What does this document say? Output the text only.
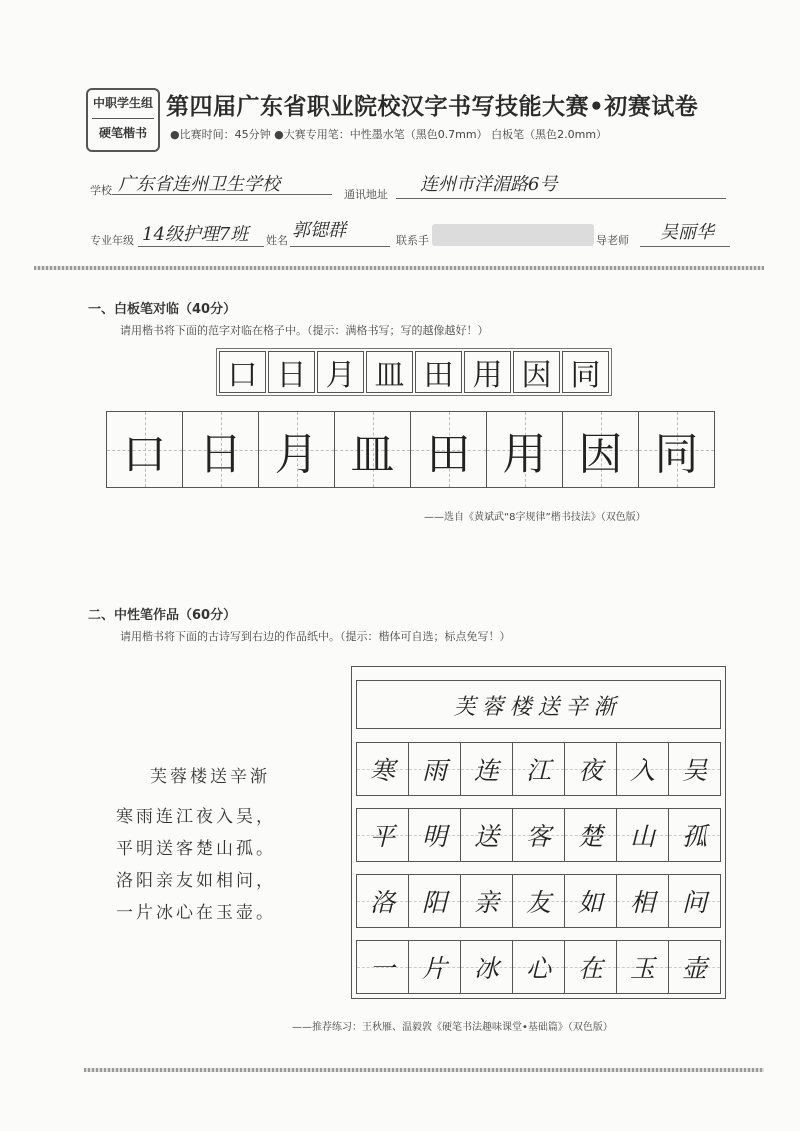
中职学生组
硬笔楷书
第四届广东省职业院校汉字书写技能大赛•初赛试卷
●比赛时间：45分钟 ●大赛专用笔：中性墨水笔（黑色0.7mm） 白板笔（黑色2.0mm）
学校 广东省连州卫生学校	通讯地址 连州市洋湄路6号
专业年级 14级护理7班 姓名 郭锶群	联系手	导老师 吴丽华
一、白板笔对临（40分）
请用楷书将下面的范字对临在格子中。（提示：满格书写；写的越像越好！）
口 日 月 皿 田 用 因 同
口 日 月 皿 田 用 因 同
——选自《黄斌武“8字规律”楷书技法》（双色版）
二、中性笔作品（60分）
请用楷书将下面的古诗写到右边的作品纸中。（提示：楷体可自选；标点免写！）
芙蓉楼送辛渐
寒雨连江夜入吴，
平明送客楚山孤。
洛阳亲友如相问，
一片冰心在玉壶。
芙蓉楼送辛渐
寒 雨 连 江 夜 入 吴
平 明 送 客 楚 山 孤
洛 阳 亲 友 如 相 问
一 片 冰 心 在 玉 壶
——推荐练习：王秋雁、温毅敦《硬笔书法趣味课堂•基础篇》（双色版）
